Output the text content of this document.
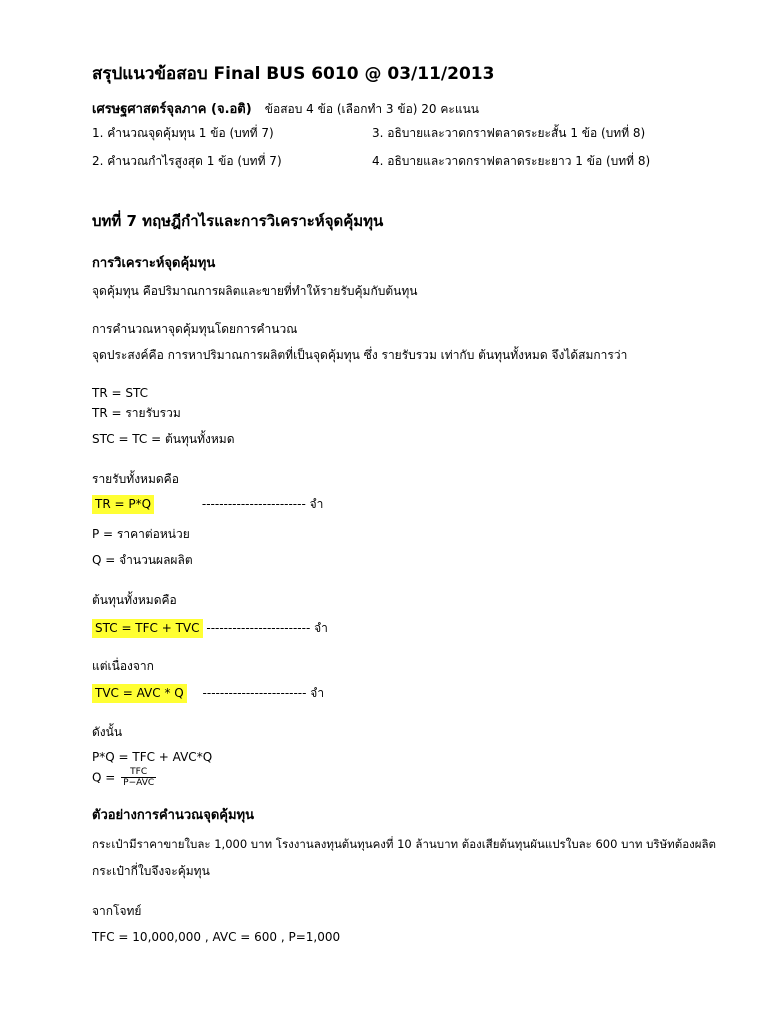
สรุปแนวข้อสอบ Final BUS 6010 @ 03/11/2013
เศรษฐศาสตร์จุลภาค (จ.อติ) ข้อสอบ 4 ข้อ (เลือกทำ 3 ข้อ) 20 คะแนน
1. คำนวณจุดคุ้มทุน 1 ข้อ (บทที่ 7)
2. คำนวณกำไรสูงสุด 1 ข้อ (บทที่ 7)
3. อธิบายและวาดกราฟตลาดระยะสั้น 1 ข้อ (บทที่ 8)
4. อธิบายและวาดกราฟตลาดระยะยาว 1 ข้อ (บทที่ 8)
บทที่ 7 ทฤษฎีกำไรและการวิเคราะห์จุดคุ้มทุน
การวิเคราะห์จุดคุ้มทุน
จุดคุ้มทุน คือปริมาณการผลิตและขายที่ทำให้รายรับคุ้มกับต้นทุน
การคำนวณหาจุดคุ้มทุนโดยการคำนวณ
จุดประสงค์คือ การหาปริมาณการผลิตที่เป็นจุดคุ้มทุน ซึ่ง รายรับรวม เท่ากับ ต้นทุนทั้งหมด จึงได้สมการว่า
TR = STC
TR = รายรับรวม
STC = TC = ต้นทุนทั้งหมด
รายรับทั้งหมดคือ
TR = P*Q	------------------------ จำ
P = ราคาต่อหน่วย
Q = จำนวนผลผลิต
ต้นทุนทั้งหมดคือ
STC = TFC + TVC ------------------------ จำ
แต่เนื่องจาก
TVC = AVC * Q ------------------------ จำ
ดังนั้น
P*Q = TFC + AVC*Q
$Q = \frac{\text{TFC}}{\text{P−AVC}}$
ตัวอย่างการคำนวณจุดคุ้มทุน
กระเป๋ามีราคาขายใบละ 1,000 บาท โรงงานลงทุนต้นทุนคงที่ 10 ล้านบาท ต้องเสียต้นทุนผันแปรใบละ 600 บาท บริษัทต้องผลิต
กระเป๋ากี่ใบจึงจะคุ้มทุน
จากโจทย์
TFC = 10,000,000 , AVC = 600 , P=1,000
